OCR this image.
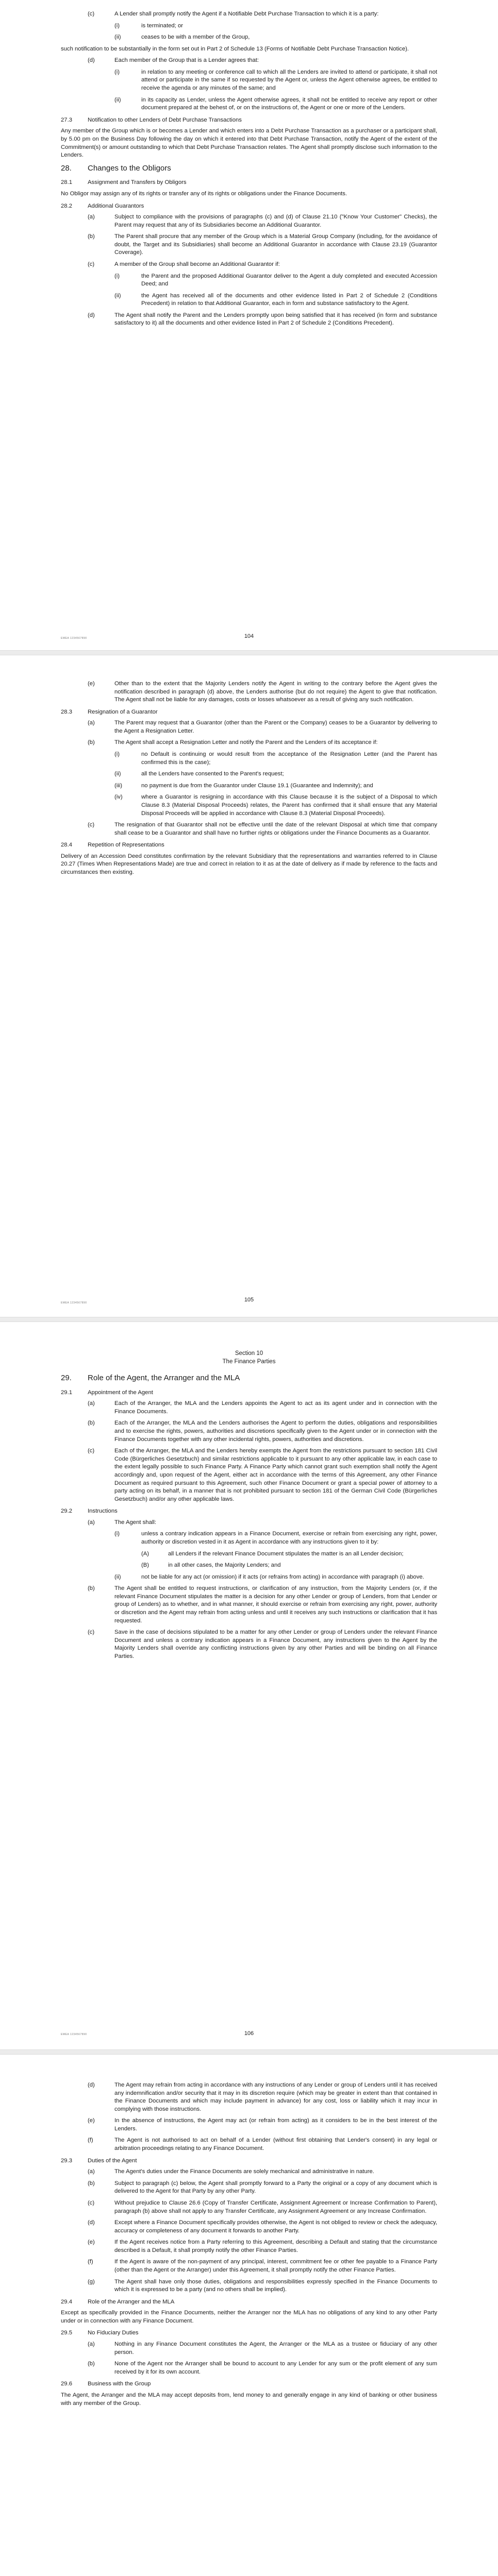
(c)	A Lender shall promptly notify the Agent if a Notifiable Debt Purchase Transaction to which it is a party:
(i)	is terminated; or
(ii)	ceases to be with a member of the Group,

such notification to be substantially in the form set out in Part 2 of Schedule 13 (Forms of Notifiable Debt Purchase Transaction Notice).

(d)	Each member of the Group that is a Lender agrees that:
(i)	in relation to any meeting or conference call to which all the Lenders are invited to attend or participate, it shall not attend or participate in the same if so requested by the Agent or, unless the Agent otherwise agrees, be entitled to receive the agenda or any minutes of the same; and
(ii)	in its capacity as Lender, unless the Agent otherwise agrees, it shall not be entitled to receive any report or other document prepared at the behest of, or on the instructions of, the Agent or one or more of the Lenders.
27.3	Notification to other Lenders of Debt Purchase Transactions

Any member of the Group which is or becomes a Lender and which enters into a Debt Purchase Transaction as a purchaser or a participant shall, by 5.00 pm on the Business Day following the day on which it entered into that Debt Purchase Transaction, notify the Agent of the extent of the Commitment(s) or amount outstanding to which that Debt Purchase Transaction relates. The Agent shall promptly disclose such information to the Lenders.

28.	Changes to the Obligors
28.1	Assignment and Transfers by Obligors

No Obligor may assign any of its rights or transfer any of its rights or obligations under the Finance Documents.

28.2	Additional Guarantors
(a)	Subject to compliance with the provisions of paragraphs (c) and (d) of Clause 21.10 ("Know Your Customer" Checks), the Parent may request that any of its Subsidiaries become an Additional Guarantor.
(b)	The Parent shall procure that any member of the Group which is a Material Group Company (including, for the avoidance of doubt, the Target and its Subsidiaries) shall become an Additional Guarantor in accordance with Clause 23.19 (Guarantor Coverage).
(c)	A member of the Group shall become an Additional Guarantor if:
(i)	the Parent and the proposed Additional Guarantor deliver to the Agent a duly completed and executed Accession Deed; and
(ii)	the Agent has received all of the documents and other evidence listed in Part 2 of Schedule 2 (Conditions Precedent) in relation to that Additional Guarantor, each in form and substance satisfactory to the Agent.
(d)	The Agent shall notify the Parent and the Lenders promptly upon being satisfied that it has received (in form and substance satisfactory to it) all the documents and other evidence listed in Part 2 of Schedule 2 (Conditions Precedent).
EMEA 1234567890	104
(e)	Other than to the extent that the Majority Lenders notify the Agent in writing to the contrary before the Agent gives the notification described in paragraph (d) above, the Lenders authorise (but do not require) the Agent to give that notification. The Agent shall not be liable for any damages, costs or losses whatsoever as a result of giving any such notification.
28.3	Resignation of a Guarantor
(a)	The Parent may request that a Guarantor (other than the Parent or the Company) ceases to be a Guarantor by delivering to the Agent a Resignation Letter.
(b)	The Agent shall accept a Resignation Letter and notify the Parent and the Lenders of its acceptance if:
(i)	no Default is continuing or would result from the acceptance of the Resignation Letter (and the Parent has confirmed this is the case);
(ii)	all the Lenders have consented to the Parent's request;
(iii)	no payment is due from the Guarantor under Clause 19.1 (Guarantee and Indemnity); and
(iv)	where a Guarantor is resigning in accordance with this Clause because it is the subject of a Disposal to which Clause 8.3 (Material Disposal Proceeds) relates, the Parent has confirmed that it shall ensure that any Material Disposal Proceeds will be applied in accordance with Clause 8.3 (Material Disposal Proceeds).
(c)	The resignation of that Guarantor shall not be effective until the date of the relevant Disposal at which time that company shall cease to be a Guarantor and shall have no further rights or obligations under the Finance Documents as a Guarantor.
28.4	Repetition of Representations

Delivery of an Accession Deed constitutes confirmation by the relevant Subsidiary that the representations and warranties referred to in Clause 20.27 (Times When Representations Made) are true and correct in relation to it as at the date of delivery as if made by reference to the facts and circumstances then existing.

EMEA 1234567890	105
Section 10
The Finance Parties
29.	Role of the Agent, the Arranger and the MLA
29.1	Appointment of the Agent
(a)	Each of the Arranger, the MLA and the Lenders appoints the Agent to act as its agent under and in connection with the Finance Documents.
(b)	Each of the Arranger, the MLA and the Lenders authorises the Agent to perform the duties, obligations and responsibilities and to exercise the rights, powers, authorities and discretions specifically given to the Agent under or in connection with the Finance Documents together with any other incidental rights, powers, authorities and discretions.
(c)	Each of the Arranger, the MLA and the Lenders hereby exempts the Agent from the restrictions pursuant to section 181 Civil Code (Bürgerliches Gesetzbuch) and similar restrictions applicable to it pursuant to any other applicable law, in each case to the extent legally possible to such Finance Party. A Finance Party which cannot grant such exemption shall notify the Agent accordingly and, upon request of the Agent, either act in accordance with the terms of this Agreement, any other Finance Document as required pursuant to this Agreement, such other Finance Document or grant a special power of attorney to a party acting on its behalf, in a manner that is not prohibited pursuant to section 181 of the German Civil Code (Bürgerliches Gesetzbuch) and/or any other applicable laws.
29.2	Instructions
(a)	The Agent shall:
(i)	unless a contrary indication appears in a Finance Document, exercise or refrain from exercising any right, power, authority or discretion vested in it as Agent in accordance with any instructions given to it by:
(A)	all Lenders if the relevant Finance Document stipulates the matter is an all Lender decision;
(B)	in all other cases, the Majority Lenders; and
(ii)	not be liable for any act (or omission) if it acts (or refrains from acting) in accordance with paragraph (i) above.
(b)	The Agent shall be entitled to request instructions, or clarification of any instruction, from the Majority Lenders (or, if the relevant Finance Document stipulates the matter is a decision for any other Lender or group of Lenders, from that Lender or group of Lenders) as to whether, and in what manner, it should exercise or refrain from exercising any right, power, authority or discretion and the Agent may refrain from acting unless and until it receives any such instructions or clarification that it has requested.
(c)	Save in the case of decisions stipulated to be a matter for any other Lender or group of Lenders under the relevant Finance Document and unless a contrary indication appears in a Finance Document, any instructions given to the Agent by the Majority Lenders shall override any conflicting instructions given by any other Parties and will be binding on all Finance Parties.
EMEA 1234567890	106
(d)	The Agent may refrain from acting in accordance with any instructions of any Lender or group of Lenders until it has received any indemnification and/or security that it may in its discretion require (which may be greater in extent than that contained in the Finance Documents and which may include payment in advance) for any cost, loss or liability which it may incur in complying with those instructions.
(e)	In the absence of instructions, the Agent may act (or refrain from acting) as it considers to be in the best interest of the Lenders.
(f)	The Agent is not authorised to act on behalf of a Lender (without first obtaining that Lender's consent) in any legal or arbitration proceedings relating to any Finance Document.
29.3	Duties of the Agent
(a)	The Agent's duties under the Finance Documents are solely mechanical and administrative in nature.
(b)	Subject to paragraph (c) below, the Agent shall promptly forward to a Party the original or a copy of any document which is delivered to the Agent for that Party by any other Party.
(c)	Without prejudice to Clause 26.6 (Copy of Transfer Certificate, Assignment Agreement or Increase Confirmation to Parent), paragraph (b) above shall not apply to any Transfer Certificate, any Assignment Agreement or any Increase Confirmation.
(d)	Except where a Finance Document specifically provides otherwise, the Agent is not obliged to review or check the adequacy, accuracy or completeness of any document it forwards to another Party.
(e)	If the Agent receives notice from a Party referring to this Agreement, describing a Default and stating that the circumstance described is a Default, it shall promptly notify the other Finance Parties.
(f)	If the Agent is aware of the non-payment of any principal, interest, commitment fee or other fee payable to a Finance Party (other than the Agent or the Arranger) under this Agreement, it shall promptly notify the other Finance Parties.
(g)	The Agent shall have only those duties, obligations and responsibilities expressly specified in the Finance Documents to which it is expressed to be a party (and no others shall be implied).
29.4	Role of the Arranger and the MLA

Except as specifically provided in the Finance Documents, neither the Arranger nor the MLA has no obligations of any kind to any other Party under or in connection with any Finance Document.

29.5	No Fiduciary Duties
(a)	Nothing in any Finance Document constitutes the Agent, the Arranger or the MLA as a trustee or fiduciary of any other person.
(b)	None of the Agent nor the Arranger shall be bound to account to any Lender for any sum or the profit element of any sum received by it for its own account.
29.6	Business with the Group

The Agent, the Arranger and the MLA may accept deposits from, lend money to and generally engage in any kind of banking or other business with any member of the Group.
